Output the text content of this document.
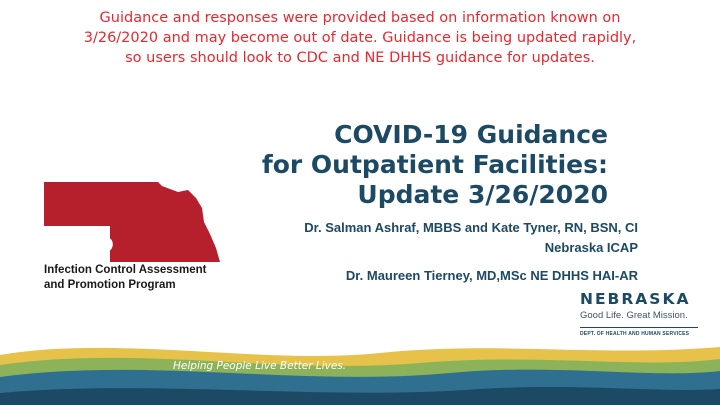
Guidance and responses were provided based on information known on
3/26/2020 and may become out of date. Guidance is being updated rapidly,
so users should look to CDC and NE DHHS guidance for updates.
COVID-19 Guidance
for Outpatient Facilities:
Update 3/26/2020
Dr. Salman Ashraf, MBBS and Kate Tyner, RN, BSN, CI
Nebraska ICAP
Dr. Maureen Tierney, MD,MSc NE DHHS HAI-AR
ICAP
Infection Control Assessment
and Promotion Program
NEBRASKA
Good Life. Great Mission.
DEPT. OF HEALTH AND HUMAN SERVICES
Helping People Live Better Lives.
